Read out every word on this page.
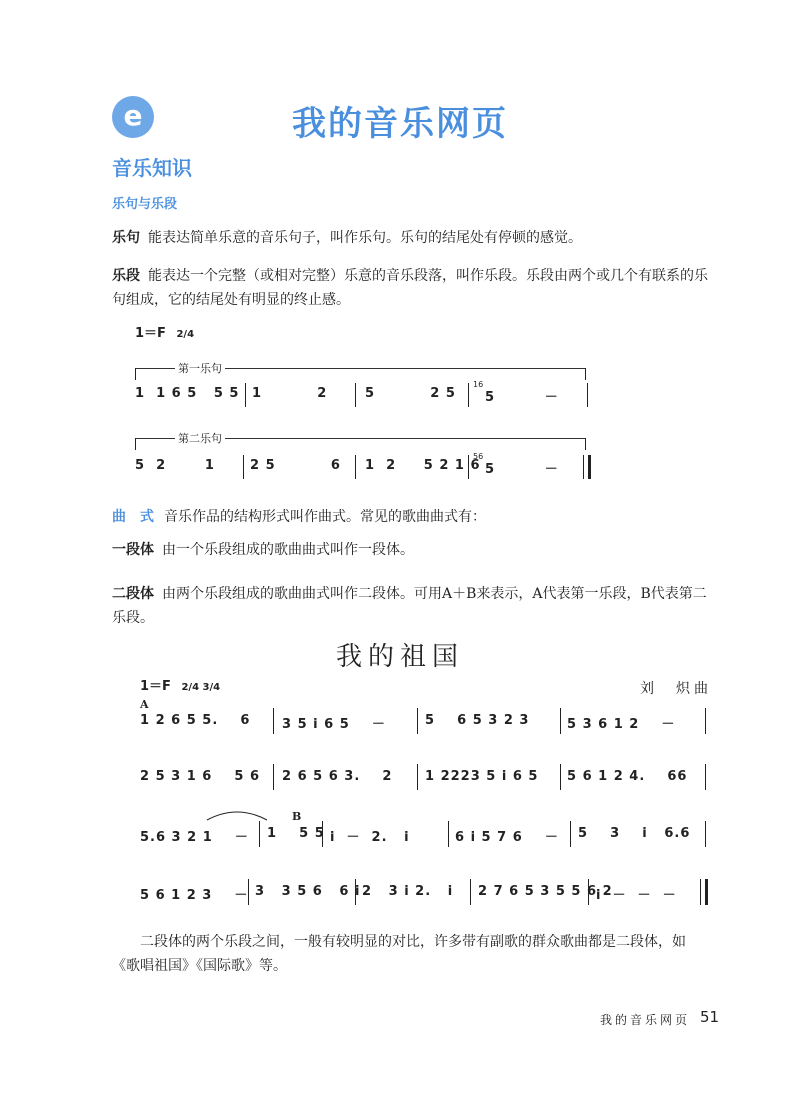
e	我的音乐网页
音乐知识
乐句与乐段
乐句 能表达简单乐意的音乐句子，叫作乐句。乐句的结尾处有停顿的感觉。
乐段 能表达一个完整（或相对完整）乐意的音乐段落，叫作乐段。乐段由两个或几个有联系的乐句组成，它的结尾处有明显的终止感。
1＝F 2/4
第一乐句
1  1 6 5   5 5 1          2	5          2 5
16
5         －
第二乐句
5  2       1	2 5          6 1  2     5 2 1 6
56
5         －
曲　式 音乐作品的结构形式叫作曲式。常见的歌曲曲式有：
一段体 由一个乐段组成的歌曲曲式叫作一段体。
二段体 由两个乐段组成的歌曲曲式叫作二段体。可用A＋B来表示，A代表第一乐段，B代表第二乐段。
我的祖国
1＝F 2/4 3/4	刘　炽曲
A
1 2 6 5 5.    6 3 5 i 6 5    －	5    6 5 3 2 3	5 3 6 1 2    －
2 5 3 1 6    5 6 2 6 5 6 3.    2	1 2223 5 i 6 5 5 6 1 2 4.    66
B
5.6 3 2 1    － 1    5 5 i  －  2.   i	6 i 5 7 6    － 5    3    i   6.6
5 6 1 2 3    － 3   3 5 6   6 i 2   3 i 2.   i 2 7 6 5 3 5 5 6 2
i  －  －  －
二段体的两个乐段之间，一般有较明显的对比，许多带有副歌的群众歌曲都是二段体，如《歌唱祖国》《国际歌》等。
我的音乐网页 51
